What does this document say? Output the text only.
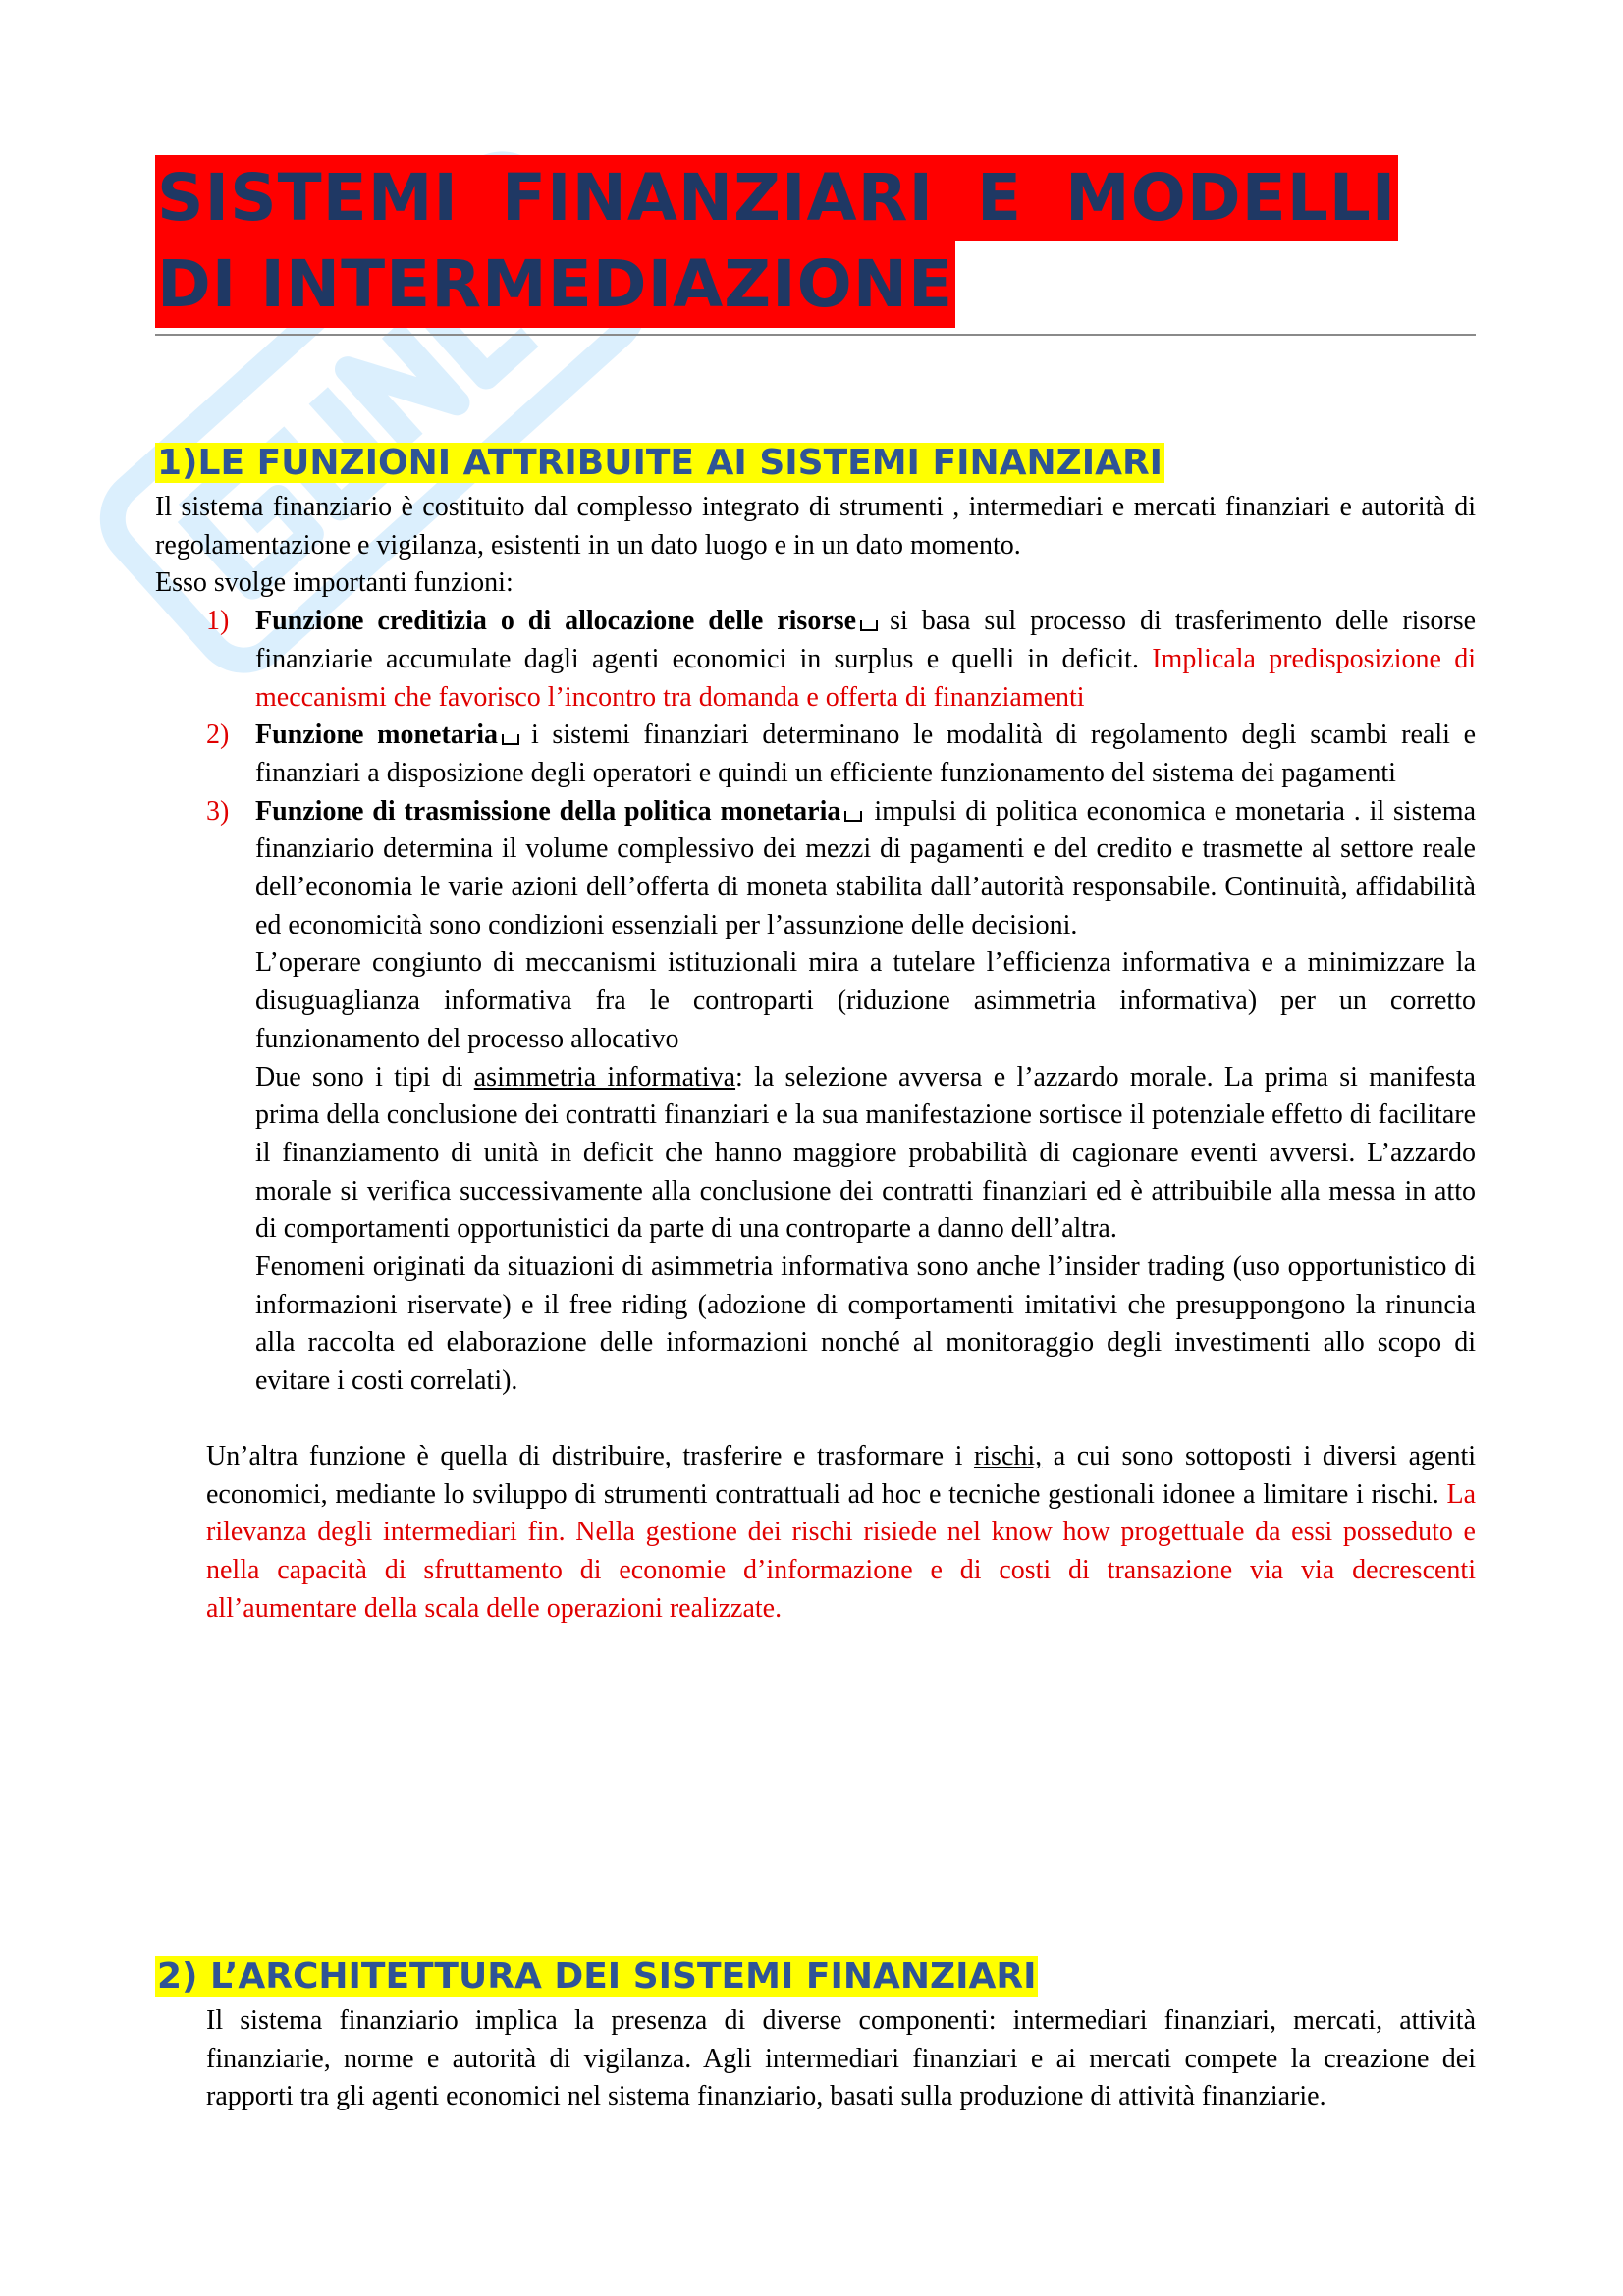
SISTEMI FINANZIARI E MODELLI
DI INTERMEDIAZIONE
1)LE FUNZIONI ATTRIBUITE AI SISTEMI FINANZIARI

Il sistema finanziario è costituito dal complesso integrato di strumenti , intermediari e mercati finanziari e autorità di regolamentazione e vigilanza, esistenti in un dato luogo e in un dato momento.

Esso svolge importanti funzioni:

1) Funzione creditizia o di allocazione delle risorse si basa sul processo di trasferimento delle risorse finanziarie accumulate dagli agenti economici in surplus e quelli in deficit. Implicala predisposizione di meccanismi che favorisco l’incontro tra domanda e offerta di finanziamenti
2) Funzione monetaria i sistemi finanziari determinano le modalità di regolamento degli scambi reali e finanziari a disposizione degli operatori e quindi un efficiente funzionamento del sistema dei pagamenti
3) Funzione di trasmissione della politica monetaria impulsi di politica economica e monetaria . il sistema finanziario determina il volume complessivo dei mezzi di pagamenti e del credito e trasmette al settore reale dell’economia le varie azioni dell’offerta di moneta stabilita dall’autorità responsabile. Continuità, affidabilità ed economicità sono condizioni essenziali per l’assunzione delle decisioni.

L’operare congiunto di meccanismi istituzionali mira a tutelare l’efficienza informativa e a minimizzare la disuguaglianza informativa fra le controparti (riduzione asimmetria informativa) per un corretto funzionamento del processo allocativo

Due sono i tipi di asimmetria informativa: la selezione avversa e l’azzardo morale. La prima si manifesta prima della conclusione dei contratti finanziari e la sua manifestazione sortisce il potenziale effetto di facilitare il finanziamento di unità in deficit che hanno maggiore probabilità di cagionare eventi avversi. L’azzardo morale si verifica successivamente alla conclusione dei contratti finanziari ed è attribuibile alla messa in atto di comportamenti opportunistici da parte di una controparte a danno dell’altra.

Fenomeni originati da situazioni di asimmetria informativa sono anche l’insider trading (uso opportunistico di informazioni riservate) e il free riding (adozione di comportamenti imitativi che presuppongono la rinuncia alla raccolta ed elaborazione delle informazioni nonché al monitoraggio degli investimenti allo scopo di evitare i costi correlati).

Un’altra funzione è quella di distribuire, trasferire e trasformare i rischi, a cui sono sottoposti i diversi agenti economici, mediante lo sviluppo di strumenti contrattuali ad hoc e tecniche gestionali idonee a limitare i rischi. La rilevanza degli intermediari fin. Nella gestione dei rischi risiede nel know how progettuale da essi posseduto e nella capacità di sfruttamento di economie d’informazione e di costi di transazione via via decrescenti all’aumentare della scala delle operazioni realizzate.

2) L’ARCHITETTURA DEI SISTEMI FINANZIARI

Il sistema finanziario implica la presenza di diverse componenti: intermediari finanziari, mercati, attività finanziarie, norme e autorità di vigilanza. Agli intermediari finanziari e ai mercati compete la creazione dei rapporti tra gli agenti economici nel sistema finanziario, basati sulla produzione di attività finanziarie.
